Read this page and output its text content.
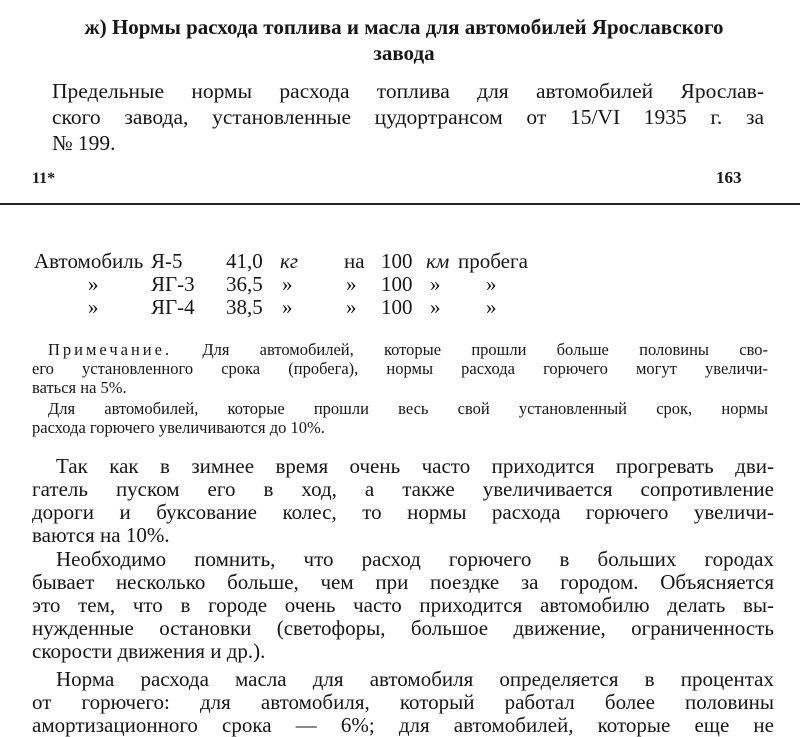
ж) Нормы расхода топлива и масла для автомобилей Ярославского
завода
Предельные нормы расхода топлива для автомобилей Ярослав-
ского завода, установленные цудортрансом от 15/VI 1935 г. за
№ 199.
11*	163
Автомобиль Я-5 41,0 кг на 100 км пробега
»	ЯГ-3 36,5 »	» 100 » »
»	ЯГ-4 38,5 »	» 100 » »
Примечание. Для автомобилей, которые прошли больше половины сво-
его установленного срока (пробега), нормы расхода горючего могут увеличи-
ваться на 5%.
Для автомобилей, которые прошли весь свой установленный срок, нормы
расхода горючего увеличиваются до 10%.
Так как в зимнее время очень часто приходится прогревать дви-
гатель пуском его в ход, а также увеличивается сопротивление
дороги и буксование колес, то нормы расхода горючего увеличи-
ваются на 10%.
Необходимо помнить, что расход горючего в больших городах
бывает несколько больше, чем при поездке за городом. Объясняется
это тем, что в городе очень часто приходится автомобилю делать вы-
нужденные остановки (светофоры, большое движение, ограниченность
скорости движения и др.).
Норма расхода масла для автомобиля определяется в процентах
от горючего: для автомобиля, который работал более половины
амортизационного срока — 6%; для автомобилей, которые еще не
